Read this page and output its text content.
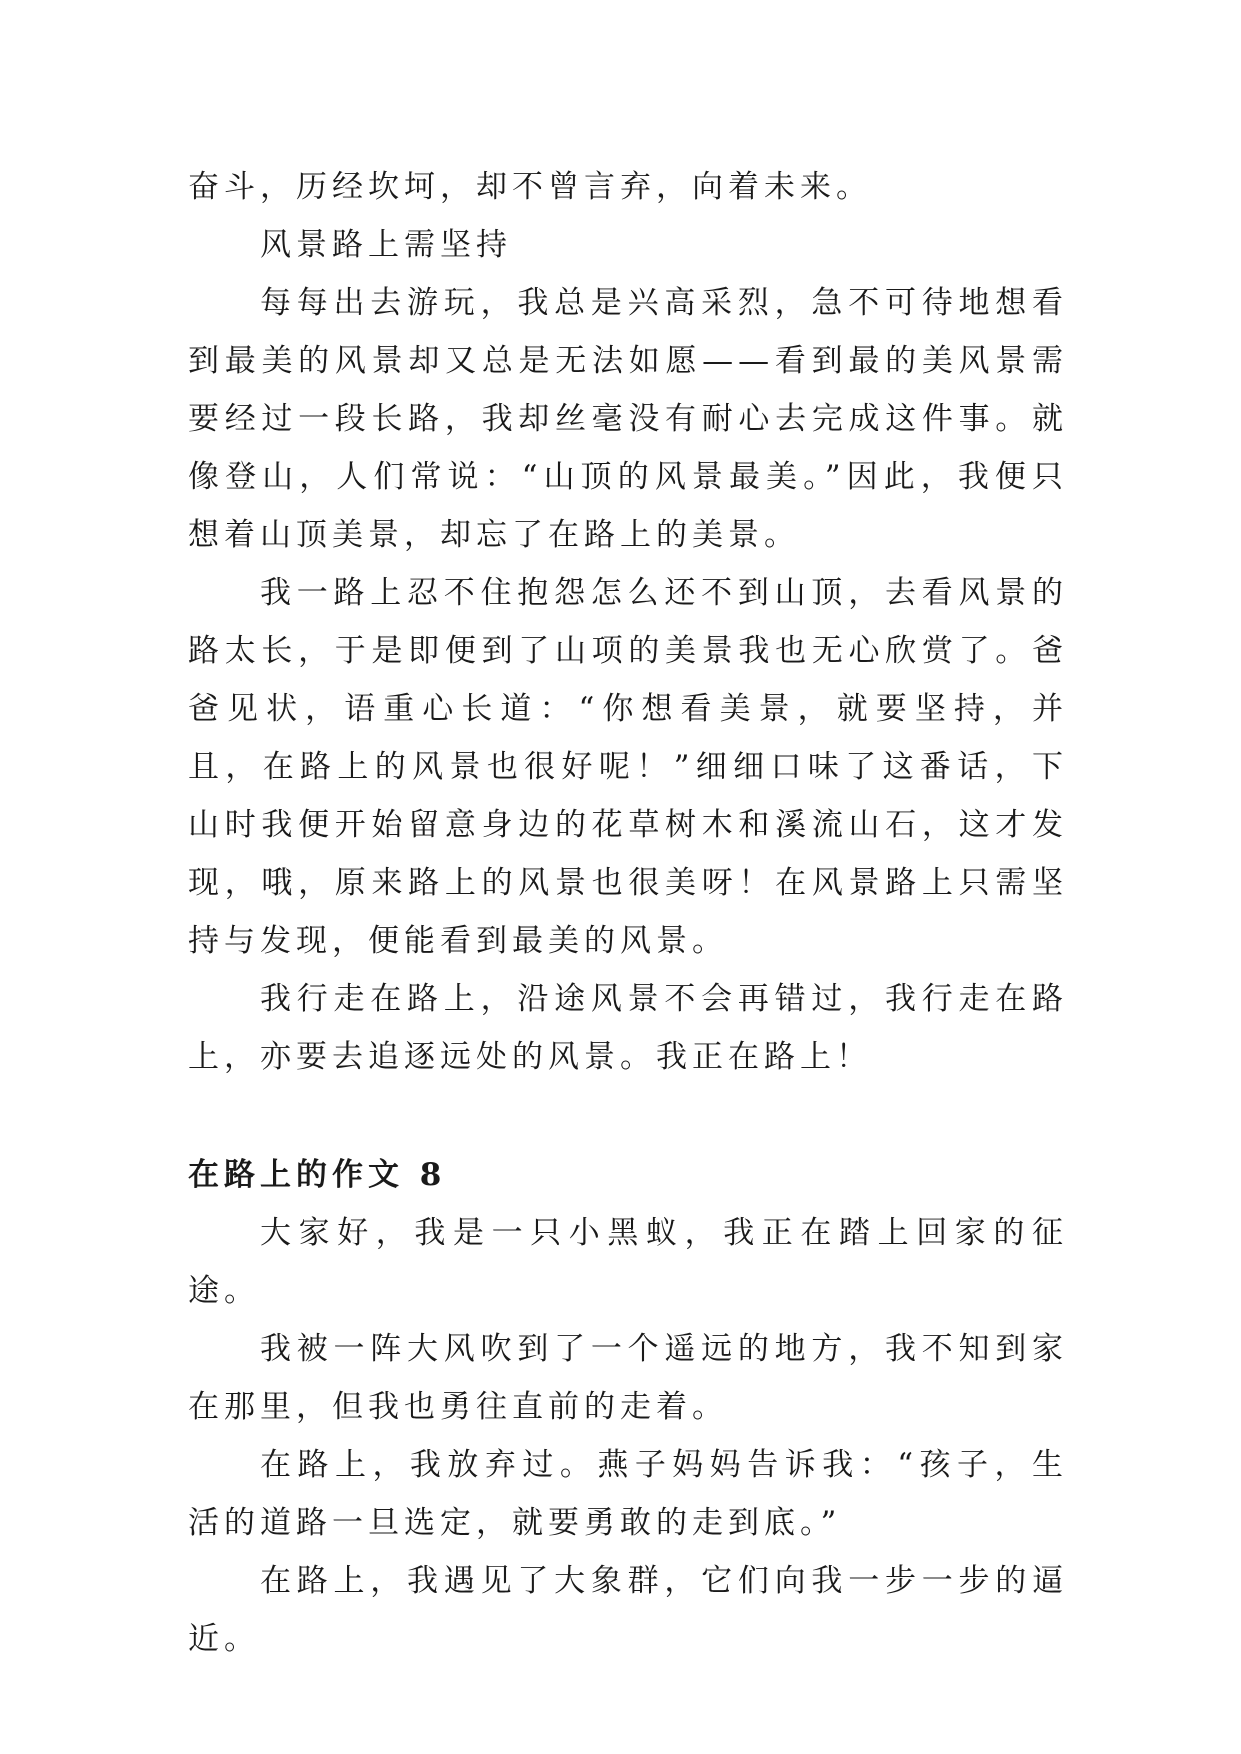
奋斗，历经坎坷，却不曾言弃，向着未来。

风景路上需坚持

每每出去游玩，我总是兴高采烈，急不可待地想看到最美的风景却又总是无法如愿——看到最的美风景需要经过一段长路，我却丝毫没有耐心去完成这件事。就像登山，人们常说：“山顶的风景最美。”因此，我便只想着山顶美景，却忘了在路上的美景。

我一路上忍不住抱怨怎么还不到山顶，去看风景的路太长，于是即便到了山项的美景我也无心欣赏了。爸爸见状，语重心长道：“你想看美景，就要坚持，并且，在路上的风景也很好呢！”细细口味了这番话，下山时我便开始留意身边的花草树木和溪流山石，这才发现，哦，原来路上的风景也很美呀！在风景路上只需坚持与发现，便能看到最美的风景。

我行走在路上，沿途风景不会再错过，我行走在路上，亦要去追逐远处的风景。我正在路上！

在路上的作文 8

大家好，我是一只小黑蚁，我正在踏上回家的征途。

我被一阵大风吹到了一个遥远的地方，我不知到家在那里，但我也勇往直前的走着。

在路上，我放弃过。燕子妈妈告诉我：“孩子，生活的道路一旦选定，就要勇敢的走到底。”

在路上，我遇见了大象群，它们向我一步一步的逼近。
